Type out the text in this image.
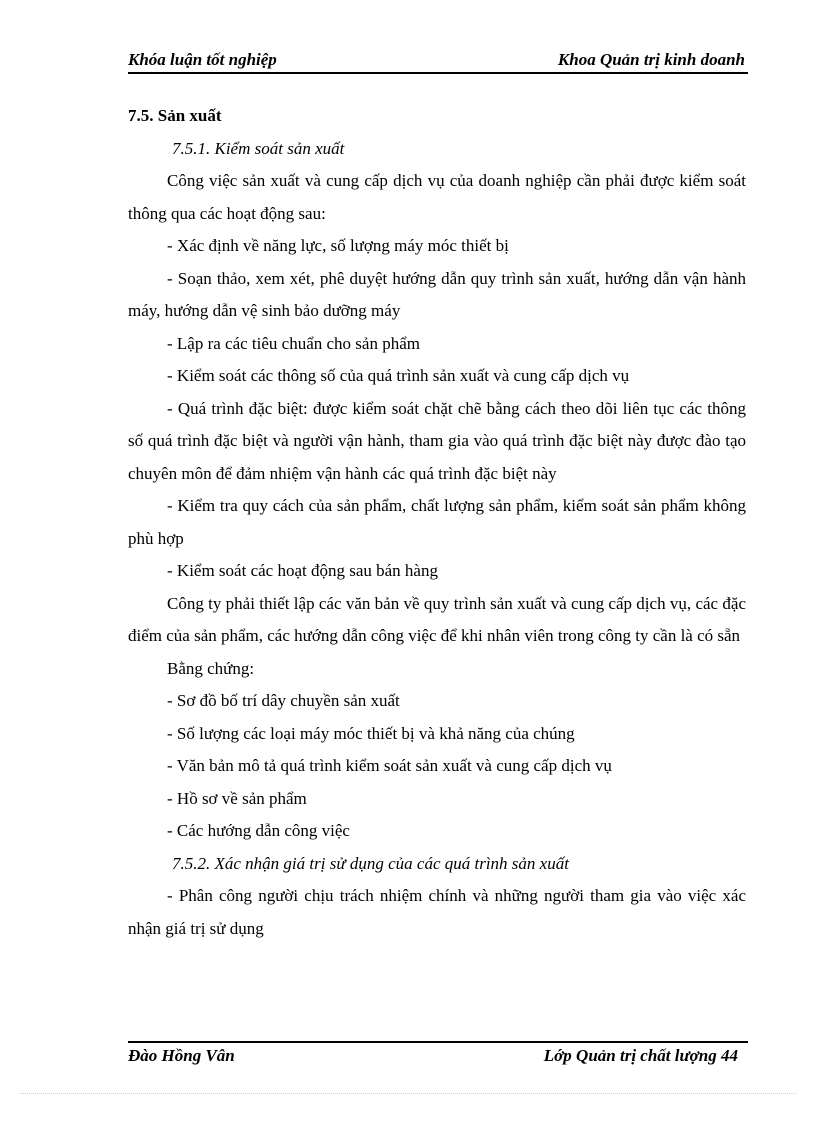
Khóa luận tốt nghiệp	Khoa Quản trị kinh doanh

7.5. Sản xuất

7.5.1. Kiểm soát sản xuất

Công việc sản xuất và cung cấp dịch vụ của doanh nghiệp cần phải được kiểm soát thông qua các hoạt động sau:

- Xác định về năng lực, số lượng máy móc thiết bị

- Soạn thảo, xem xét, phê duyệt hướng dẫn quy trình sản xuất, hướng dẫn vận hành máy, hướng dẫn vệ sinh bảo dưỡng máy

- Lập ra các tiêu chuẩn cho sản phẩm

- Kiểm soát các thông số của quá trình sản xuất và cung cấp dịch vụ

- Quá trình đặc biệt: được kiểm soát chặt chẽ bằng cách theo dõi liên tục các thông số quá trình đặc biệt và người vận hành, tham gia vào quá trình đặc biệt này được đào tạo chuyên môn để đảm nhiệm vận hành các quá trình đặc biệt này

- Kiểm tra quy cách của sản phẩm, chất lượng sản phẩm, kiểm soát sản phẩm không phù hợp

- Kiểm soát các hoạt động sau bán hàng

Công ty phải thiết lập các văn bản về quy trình sản xuất và cung cấp dịch vụ, các đặc điểm của sản phẩm, các hướng dẫn công việc để khi nhân viên trong công ty cần là có sẵn

Bằng chứng:

- Sơ đồ bố trí dây chuyền sản xuất

- Số lượng các loại máy móc thiết bị và khả năng của chúng

- Văn bản mô tả quá trình kiểm soát sản xuất và cung cấp dịch vụ

- Hồ sơ về sản phẩm

- Các hướng dẫn công việc

7.5.2. Xác nhận giá trị sử dụng của các quá trình sản xuất

- Phân công người chịu trách nhiệm chính và những người tham gia vào việc xác nhận giá trị sử dụng

Đào Hồng Vân	Lớp Quản trị chất lượng 44
